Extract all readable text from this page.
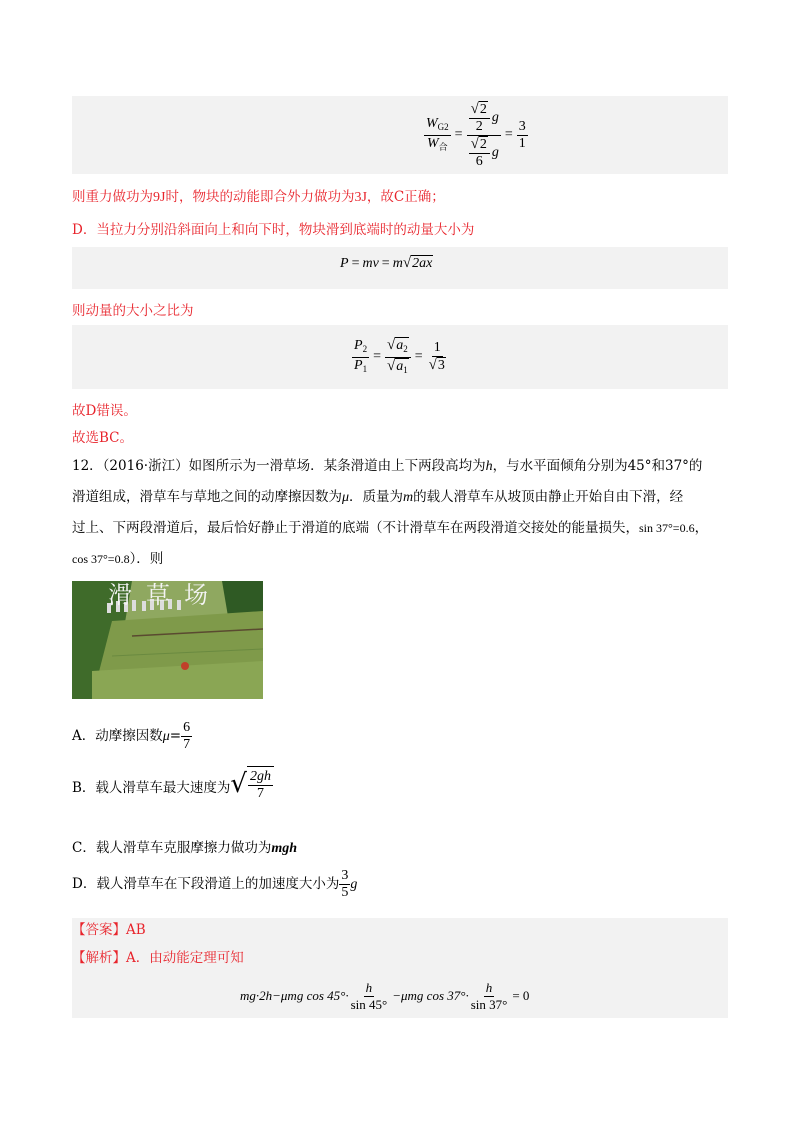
$\frac{W_{G2}}{W_合} = \frac{\frac{√ 2}{2} g}{\frac{√ 2}{6} g} = \frac{3}{1}$
则重力做功为9J时，物块的动能即合外力做功为3J，故C正确；
D．当拉力分别沿斜面向上和向下时，物块滑到底端时的动量大小为
P = mv = m √ 2ax
则动量的大小之比为
$\frac{P_2}{P_1} = \frac{√ a_2}{√ a_1} = \frac{1}{√ 3}$
故D错误。
故选BC。
12．（2016·浙江）如图所示为一滑草场．某条滑道由上下两段高均为h，与水平面倾角分别为45°和37°的
滑道组成，滑草车与草地之间的动摩擦因数为μ．质量为m的载人滑草车从坡顶由静止开始自由下滑，经
过上、下两段滑道后，最后恰好静止于滑道的底端（不计滑草车在两段滑道交接处的能量损失，sin 37°=0.6，
cos 37°=0.8）．则
滑草场
A．动摩擦因数$\mu= \frac{6}{7}$
B．载人滑草车最大速度为 √ $\frac{2gh}{7}$
C．载人滑草车克服摩擦力做功为mgh
D．载人滑草车在下段滑道上的加速度大小为 $\frac{3}{5}$ g
【答案】AB
【解析】A．由动能定理可知
mg·2h−μmg $\cos 45^\circ\cdot \frac{h}{\sin 45^\circ} -\mu mg$ $\cos 37^\circ\cdot \frac{h}{\sin 37^\circ} = 0$
